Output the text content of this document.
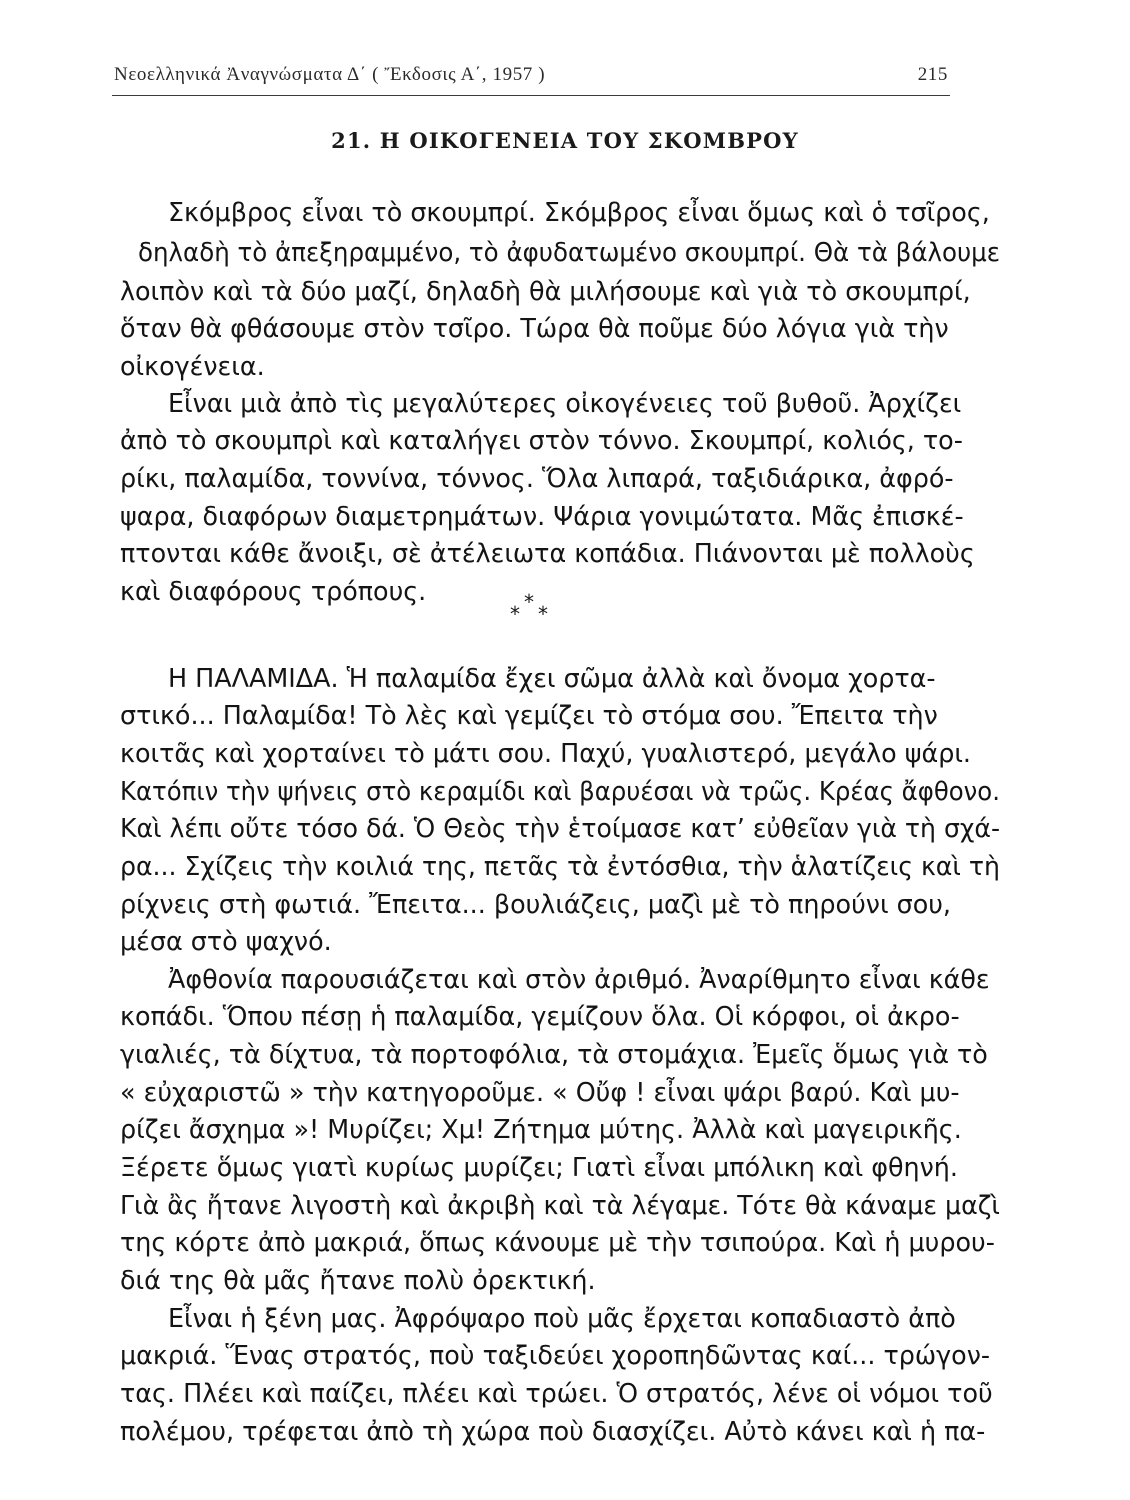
Νεοελληνικά Ἀναγνώσματα Δ΄ ( Ἔκδοσις Α΄, 1957 )	215
21. Η ΟΙΚΟΓΕΝΕΙΑ ΤΟΥ ΣΚΟΜΒΡΟΥ
Σκόμβρος εἶναι τὸ σκουμπρί. Σκόμβρος εἶναι ὅμως καὶ ὁ τσῖρος,
δηλαδὴ τὸ ἀπεξηραμμένο, τὸ ἀφυδατωμένο σκουμπρί. Θὰ τὰ βάλουμε
λοιπὸν καὶ τὰ δύο μαζί, δηλαδὴ θὰ μιλήσουμε καὶ γιὰ τὸ σκουμπρί,
ὅταν θὰ φθάσουμε στὸν τσῖρο. Τώρα θὰ ποῦμε δύο λόγια γιὰ τὴν
οἰκογένεια.
Εἶναι μιὰ ἀπὸ τὶς μεγαλύτερες οἰκογένειες τοῦ βυθοῦ. Ἀρχίζει
ἀπὸ τὸ σκουμπρὶ καὶ καταλήγει στὸν τόννο. Σκουμπρί, κολιός, το-
ρίκι, παλαμίδα, τοννίνα, τόννος. Ὅλα λιπαρά, ταξιδιάρικα, ἀφρό-
ψαρα, διαφόρων διαμετρημάτων. Ψάρια γονιμώτατα. Μᾶς ἐπισκέ-
πτονται κάθε ἄνοιξι, σὲ ἀτέλειωτα κοπάδια. Πιάνονται μὲ πολλοὺς
καὶ διαφόρους τρόπους.
Η ΠΑΛΑΜΙΔΑ. Ἡ παλαμίδα ἔχει σῶμα ἀλλὰ καὶ ὄνομα χορτα-
στικό... Παλαμίδα! Τὸ λὲς καὶ γεμίζει τὸ στόμα σου. Ἔπειτα τὴν
κοιτᾶς καὶ χορταίνει τὸ μάτι σου. Παχύ, γυαλιστερό, μεγάλο ψάρι.
Κατόπιν τὴν ψήνεις στὸ κεραμίδι καὶ βαρυέσαι νὰ τρῶς. Κρέας ἄφθονο.
Καὶ λέπι οὔτε τόσο δά. Ὁ Θεὸς τὴν ἑτοίμασε κατ’ εὐθεῖαν γιὰ τὴ σχά-
ρα... Σχίζεις τὴν κοιλιά της, πετᾶς τὰ ἐντόσθια, τὴν ἁλατίζεις καὶ τὴ
ρίχνεις στὴ φωτιά. Ἔπειτα... βουλιάζεις, μαζὶ μὲ τὸ πηρούνι σου,
μέσα στὸ ψαχνό.
Ἀφθονία παρουσιάζεται καὶ στὸν ἀριθμό. Ἀναρίθμητο εἶναι κάθε
κοπάδι. Ὅπου πέσῃ ἡ παλαμίδα, γεμίζουν ὅλα. Οἱ κόρφοι, οἱ ἀκρο-
γιαλιές, τὰ δίχτυα, τὰ πορτοφόλια, τὰ στομάχια. Ἐμεῖς ὅμως γιὰ τὸ
« εὐχαριστῶ » τὴν κατηγοροῦμε. « Οὔφ ! εἶναι ψάρι βαρύ. Καὶ μυ-
ρίζει ἄσχημα »! Μυρίζει; Χμ! Ζήτημα μύτης. Ἀλλὰ καὶ μαγειρικῆς.
Ξέρετε ὅμως γιατὶ κυρίως μυρίζει; Γιατὶ εἶναι μπόλικη καὶ φθηνή.
Γιὰ ἂς ἤτανε λιγοστὴ καὶ ἀκριβὴ καὶ τὰ λέγαμε. Τότε θὰ κάναμε μαζὶ
της κόρτε ἀπὸ μακριά, ὅπως κάνουμε μὲ τὴν τσιπούρα. Καὶ ἡ μυρου-
διά της θὰ μᾶς ἤτανε πολὺ ὀρεκτική.
Εἶναι ἡ ξένη μας. Ἀφρόψαρο ποὺ μᾶς ἔρχεται κοπαδιαστὸ ἀπὸ
μακριά. Ἕνας στρατός, ποὺ ταξιδεύει χοροπηδῶντας καί... τρώγον-
τας. Πλέει καὶ παίζει, πλέει καὶ τρώει. Ὁ στρατός, λένε οἱ νόμοι τοῦ
πολέμου, τρέφεται ἀπὸ τὴ χώρα ποὺ διασχίζει. Αὐτὸ κάνει καὶ ἡ πα-
*
* *
